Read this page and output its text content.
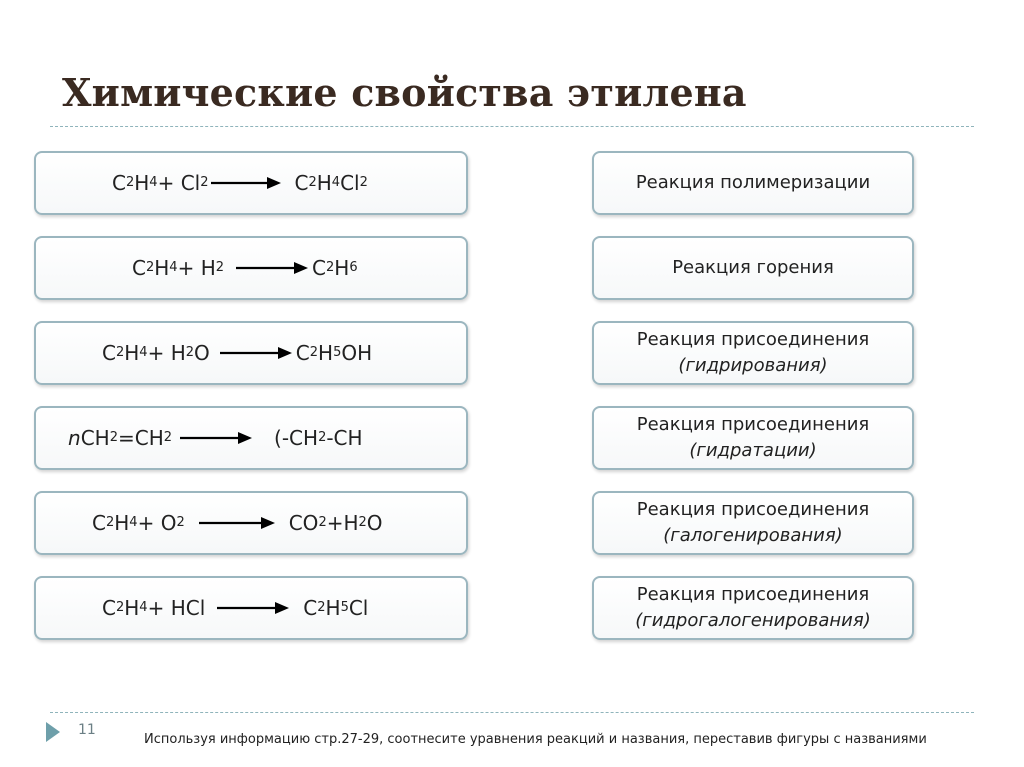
Химические свойства этилена
C 2 H 4 + Cl 2	C 2 H 4 Cl 2
C 2 H 4 + H 2	C 2 H 6
C 2 H 4 + H 2 O	C 2 H 5 OH
n CH 2 =CH 2	(-CH 2 -CH
C 2 H 4 + O 2	CO 2 +H 2 O
C 2 H 4 + HCl	C 2 H 5 Cl
Реакция полимеризации
Реакция горения
Реакция присоединения
(гидрирования)
Реакция присоединения
(гидратации)
Реакция присоединения
(галогенирования)
Реакция присоединения
(гидрогалогенирования)
11
Используя информацию стр.27-29, соотнесите уравнения реакций и названия, переставив фигуры с названиями
